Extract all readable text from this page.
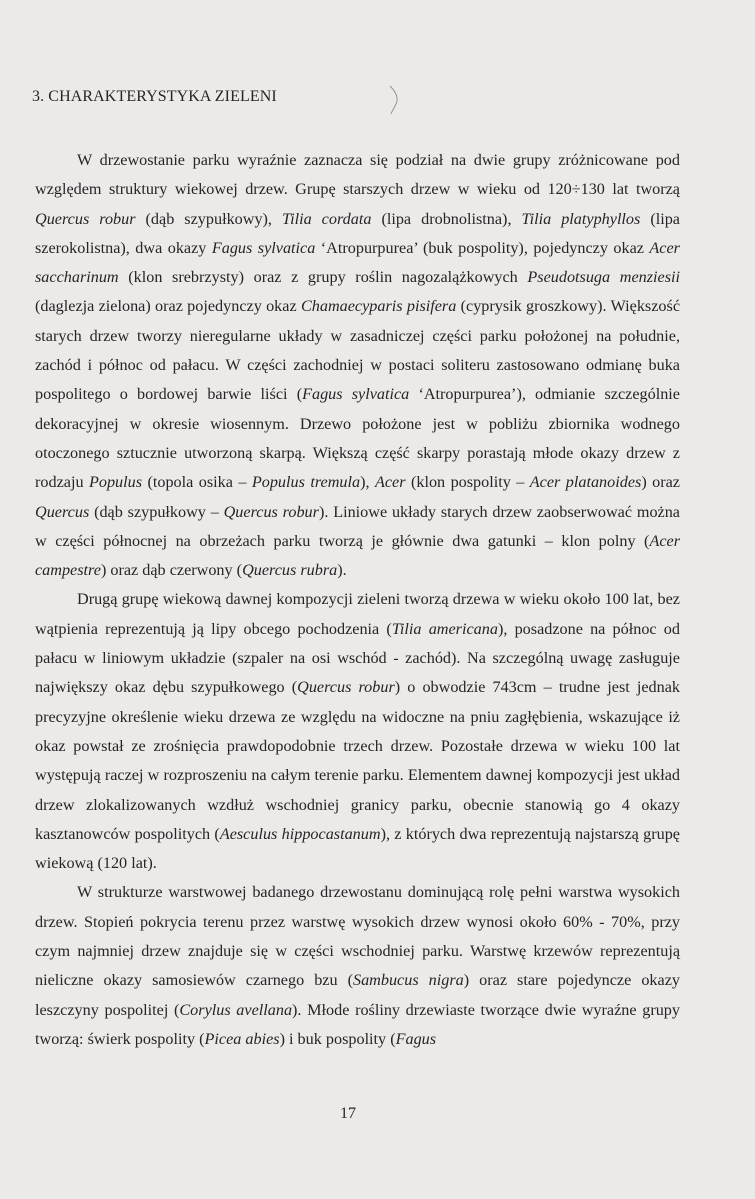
3. CHARAKTERYSTYKA ZIELENI

W drzewostanie parku wyraźnie zaznacza się podział na dwie grupy zróżnicowane pod względem struktury wiekowej drzew. Grupę starszych drzew w wieku od 120÷130 lat tworzą Quercus robur (dąb szypułkowy), Tilia cordata (lipa drobnolistna), Tilia platyphyllos (lipa szerokolistna), dwa okazy Fagus sylvatica ‘Atropurpurea’ (buk pospolity), pojedynczy okaz Acer saccharinum (klon srebrzysty) oraz z grupy roślin nagozalążkowych Pseudotsuga menziesii (daglezja zielona) oraz pojedynczy okaz Chamaecyparis pisifera (cyprysik groszkowy). Większość starych drzew tworzy nieregularne układy w zasadniczej części parku położonej na południe, zachód i północ od pałacu. W części zachodniej w postaci soliteru zastosowano odmianę buka pospolitego o bordowej barwie liści (Fagus sylvatica ‘Atropurpurea’), odmianie szczególnie dekoracyjnej w okresie wiosennym. Drzewo położone jest w pobliżu zbiornika wodnego otoczonego sztucznie utworzoną skarpą. Większą część skarpy porastają młode okazy drzew z rodzaju Populus (topola osika – Populus tremula), Acer (klon pospolity – Acer platanoides) oraz Quercus (dąb szypułkowy – Quercus robur). Liniowe układy starych drzew zaobserwować można w części północnej na obrzeżach parku tworzą je głównie dwa gatunki – klon polny (Acer campestre) oraz dąb czerwony (Quercus rubra).

Drugą grupę wiekową dawnej kompozycji zieleni tworzą drzewa w wieku około 100 lat, bez wątpienia reprezentują ją lipy obcego pochodzenia (Tilia americana), posadzone na północ od pałacu w liniowym układzie (szpaler na osi wschód - zachód). Na szczególną uwagę zasługuje największy okaz dębu szypułkowego (Quercus robur) o obwodzie 743cm – trudne jest jednak precyzyjne określenie wieku drzewa ze względu na widoczne na pniu zagłębienia, wskazujące iż okaz powstał ze zrośnięcia prawdopodobnie trzech drzew. Pozostałe drzewa w wieku 100 lat występują raczej w rozproszeniu na całym terenie parku. Elementem dawnej kompozycji jest układ drzew zlokalizowanych wzdłuż wschodniej granicy parku, obecnie stanowią go 4 okazy kasztanowców pospolitych (Aesculus hippocastanum), z których dwa reprezentują najstarszą grupę wiekową (120 lat).

W strukturze warstwowej badanego drzewostanu dominującą rolę pełni warstwa wysokich drzew. Stopień pokrycia terenu przez warstwę wysokich drzew wynosi około 60% - 70%, przy czym najmniej drzew znajduje się w części wschodniej parku. Warstwę krzewów reprezentują nieliczne okazy samosiewów czarnego bzu (Sambucus nigra) oraz stare pojedyncze okazy leszczyny pospolitej (Corylus avellana). Młode rośliny drzewiaste tworzące dwie wyraźne grupy tworzą: świerk pospolity (Picea abies) i buk pospolity (Fagus

17
